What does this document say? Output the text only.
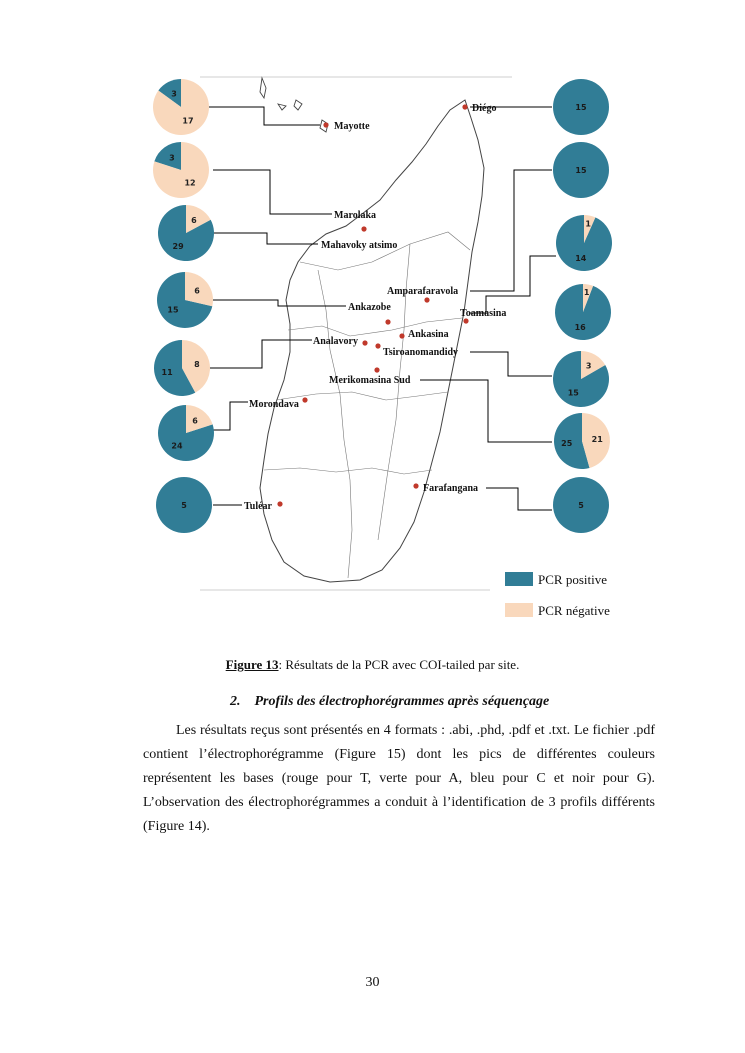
Diégo
Mayotte
Marolaka
Mahavoky atsimo
Amparafaravola
Ankazobe
Toamasina
Ankasina
Analavory
Tsiroanomandidy
Merikomasina Sud
Morondava
Farafangana
Tuléar
17
3
12
3
6
29
6
15
8
11
6
24
5
15
15
1
14
1
16
3
15
21
25
5
PCR positive
PCR négative
Figure 13: Résultats de la PCR avec COI-tailed par site.
2.    Profils des électrophorégrammes après séquençage

Les résultats reçus sont présentés en 4 formats : .abi, .phd, .pdf et .txt. Le fichier .pdf contient l’électrophorégramme (Figure 15) dont les pics de différentes couleurs représentent les bases (rouge pour T, verte pour A, bleu pour C et noir pour G). L’observation des électrophorégrammes a conduit à l’identification de 3 profils différents (Figure 14).

30
